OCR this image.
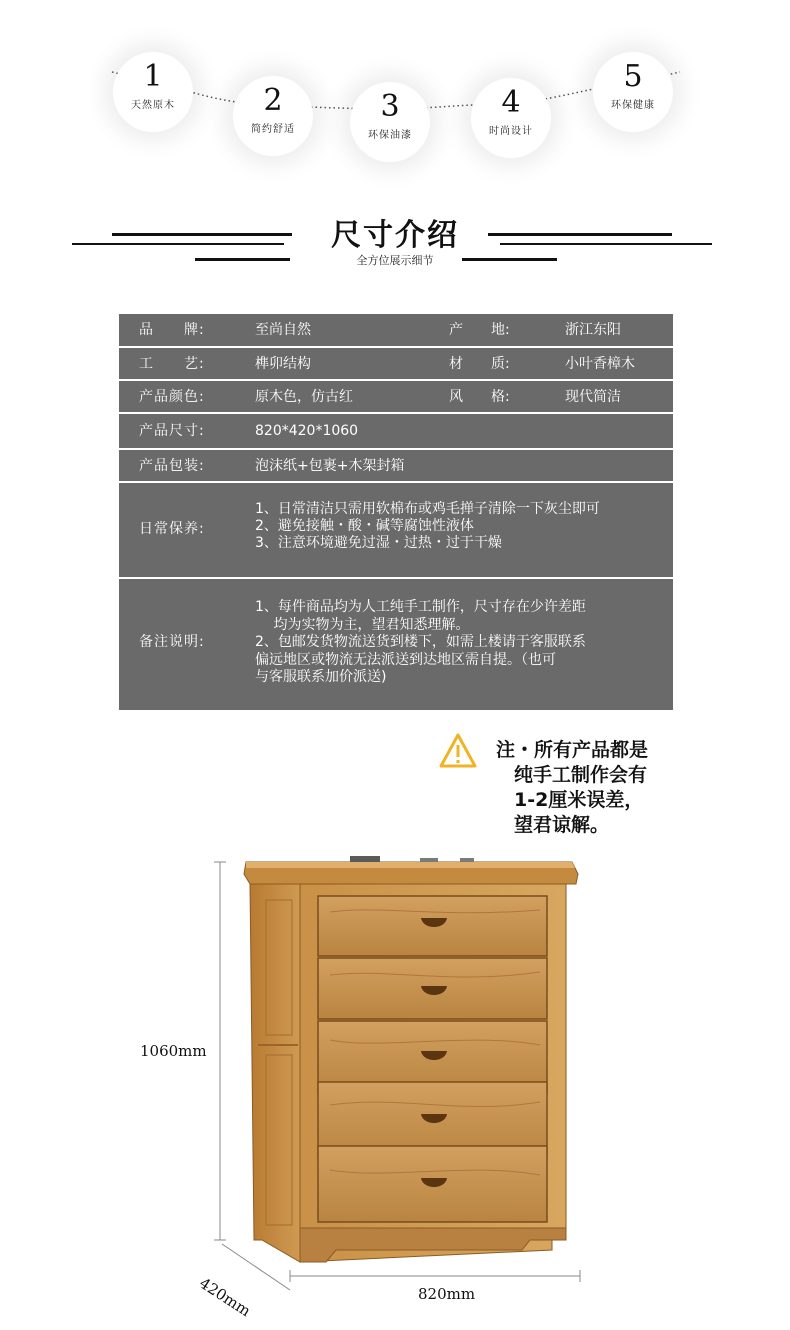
1
天然原木	2
简约舒适
3
环保油漆
4
时尚设计
5
环保健康
尺寸介绍
全方位展示细节
品　　牌:	至尚自然	产　　地:	浙江东阳
工　　艺:	榫卯结构	材　　质:	小叶香樟木
产品颜色:	原木色，仿古红	风　　格:	现代简洁
产品尺寸:	820*420*1060
产品包装:	泡沫纸+包裹+木架封箱
日常保养:
1、日常清洁只需用软棉布或鸡毛掸子清除一下灰尘即可
2、避免接触・酸・碱等腐蚀性液体
3、注意环境避免过湿・过热・过于干燥
备注说明:
1、每件商品均为人工纯手工制作，尺寸存在少许差距
　 均为实物为主，望君知悉理解。
2、包邮发货物流送货到楼下，如需上楼请于客服联系
偏远地区或物流无法派送到达地区需自提。（也可
与客服联系加价派送)
注・所有产品都是
纯手工制作会有
1-2厘米误差，
望君谅解。
1060mm
420mm	820mm
